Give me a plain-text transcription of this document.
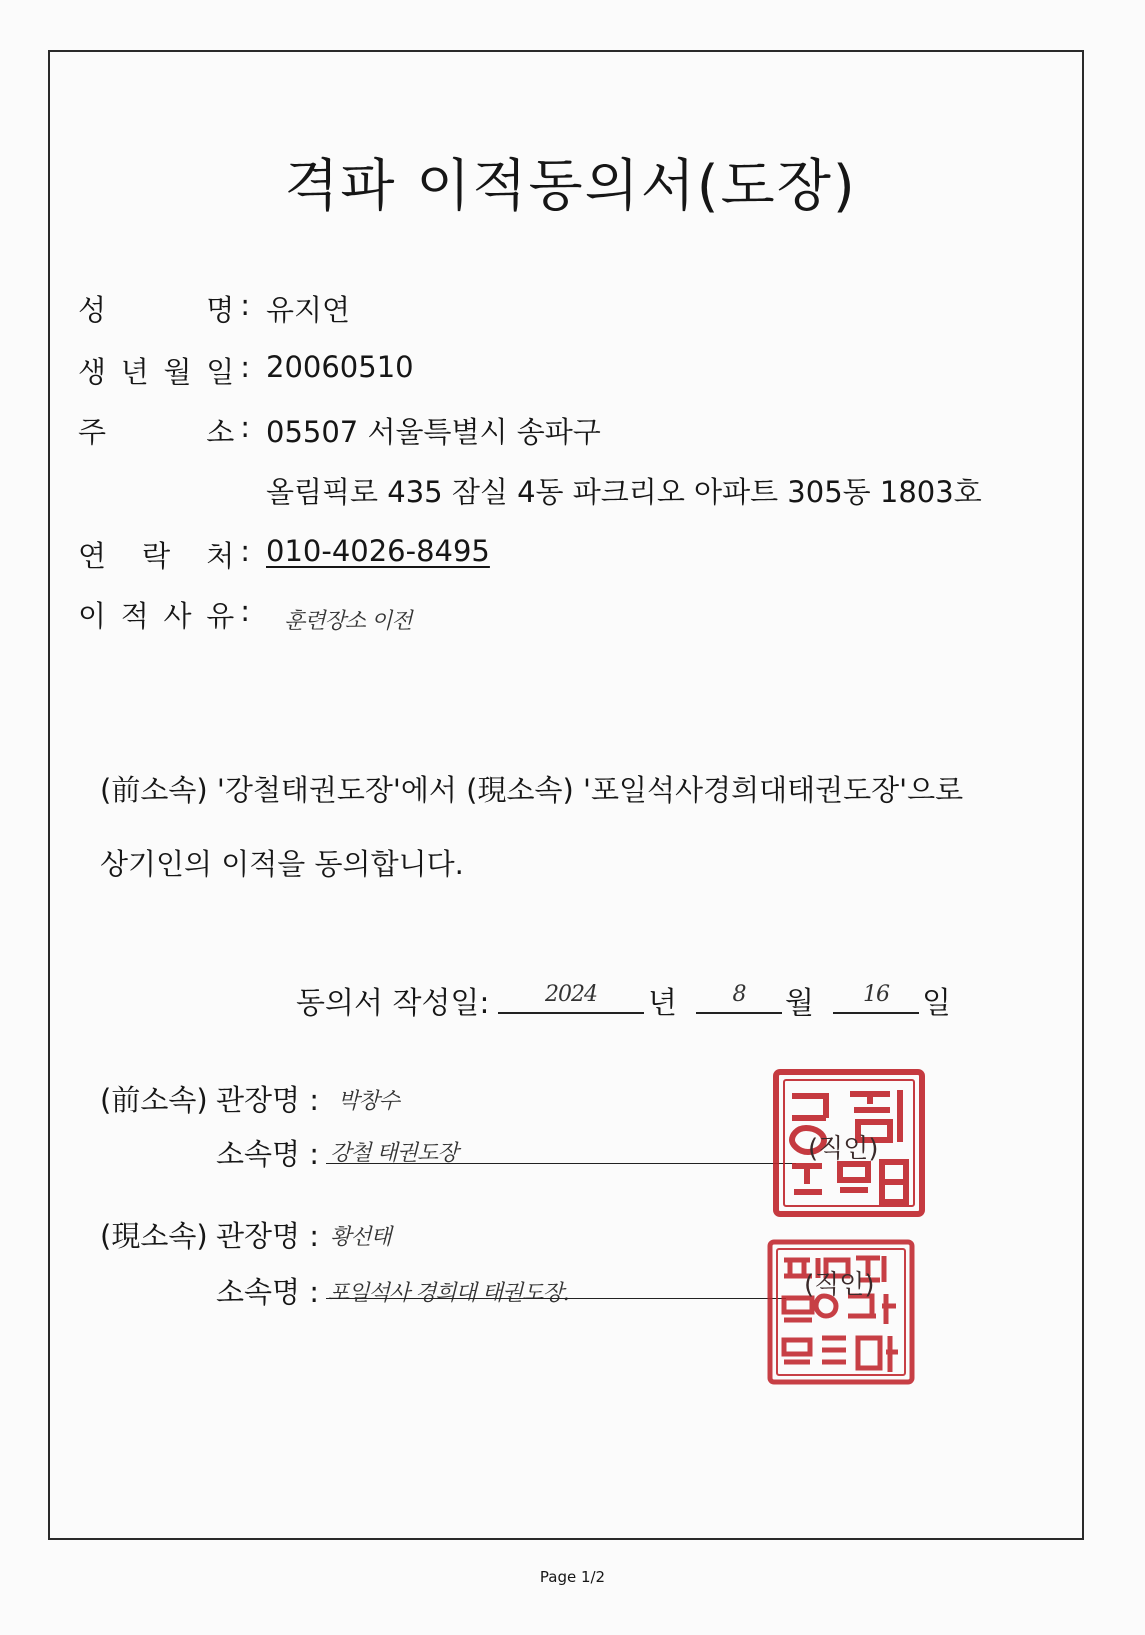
격파 이적동의서(도장)
성	명 : 유지연
생 년 월 일 : 20060510
주	소 : 05507 서울특별시 송파구
올림픽로 435 잠실 4동 파크리오 아파트 305동 1803호
연 락 처 : 010-4026-8495
이 적 사 유 : 훈련장소 이전
(前소속) '강철태권도장'에서 (現소속) '포일석사경희대태권도장'으로
상기인의 이적을 동의합니다.
동의서 작성일:	2024	년	8	월	16	일
(前소속) 관장명 : 박창수
소속명 : 강철 태권도장	(직인)
(現소속) 관장명 : 황선태
소속명 : 포일석사 경희대 태권도장.	(직인)
Page 1/2
